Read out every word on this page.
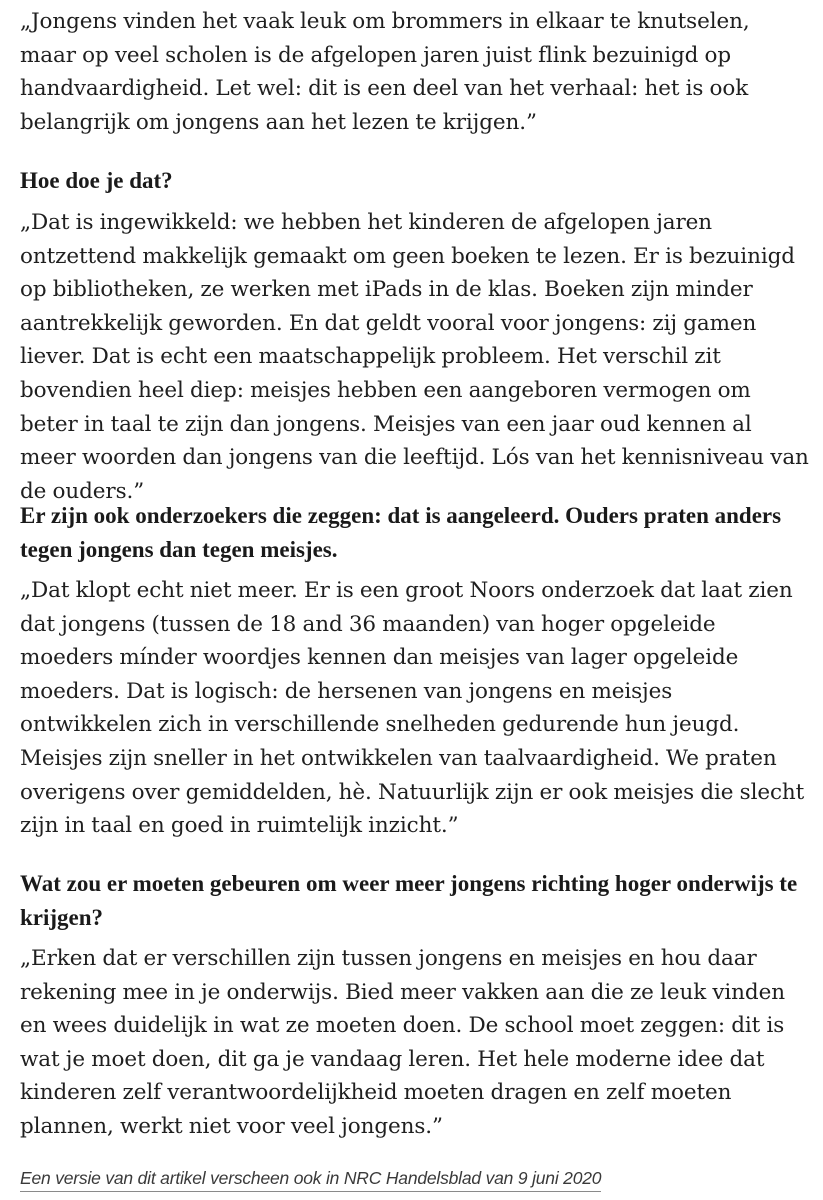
„Jongens vinden het vaak leuk om brommers in elkaar te knutselen, maar op veel scholen is de afgelopen jaren juist flink bezuinigd op handvaardigheid. Let wel: dit is een deel van het verhaal: het is ook belangrijk om jongens aan het lezen te krijgen.”

Hoe doe je dat?

„Dat is ingewikkeld: we hebben het kinderen de afgelopen jaren ontzettend makkelijk gemaakt om geen boeken te lezen. Er is bezuinigd op bibliotheken, ze werken met iPads in de klas. Boeken zijn minder aantrekkelijk geworden. En dat geldt vooral voor jongens: zij gamen liever. Dat is echt een maatschappelijk probleem. Het verschil zit bovendien heel diep: meisjes hebben een aangeboren vermogen om beter in taal te zijn dan jongens. Meisjes van een jaar oud kennen al meer woorden dan jongens van die leeftijd. Lós van het kennisniveau van de ouders.”

Er zijn ook onderzoekers die zeggen: dat is aangeleerd. Ouders praten anders tegen jongens dan tegen meisjes.

„Dat klopt echt niet meer. Er is een groot Noors onderzoek dat laat zien dat jongens (tussen de 18 and 36 maanden) van hoger opgeleide moeders mínder woordjes kennen dan meisjes van lager opgeleide moeders. Dat is logisch: de hersenen van jongens en meisjes ontwikkelen zich in verschillende snelheden gedurende hun jeugd. Meisjes zijn sneller in het ontwikkelen van taalvaardigheid. We praten overigens over gemiddelden, hè. Natuurlijk zijn er ook meisjes die slecht zijn in taal en goed in ruimtelijk inzicht.”

Wat zou er moeten gebeuren om weer meer jongens richting hoger onderwijs te krijgen?

„Erken dat er verschillen zijn tussen jongens en meisjes en hou daar rekening mee in je onderwijs. Bied meer vakken aan die ze leuk vinden en wees duidelijk in wat ze moeten doen. De school moet zeggen: dit is wat je moet doen, dit ga je vandaag leren. Het hele moderne idee dat kinderen zelf verantwoordelijkheid moeten dragen en zelf moeten plannen, werkt niet voor veel jongens.”

Een versie van dit artikel verscheen ook in NRC Handelsblad van 9 juni 2020
